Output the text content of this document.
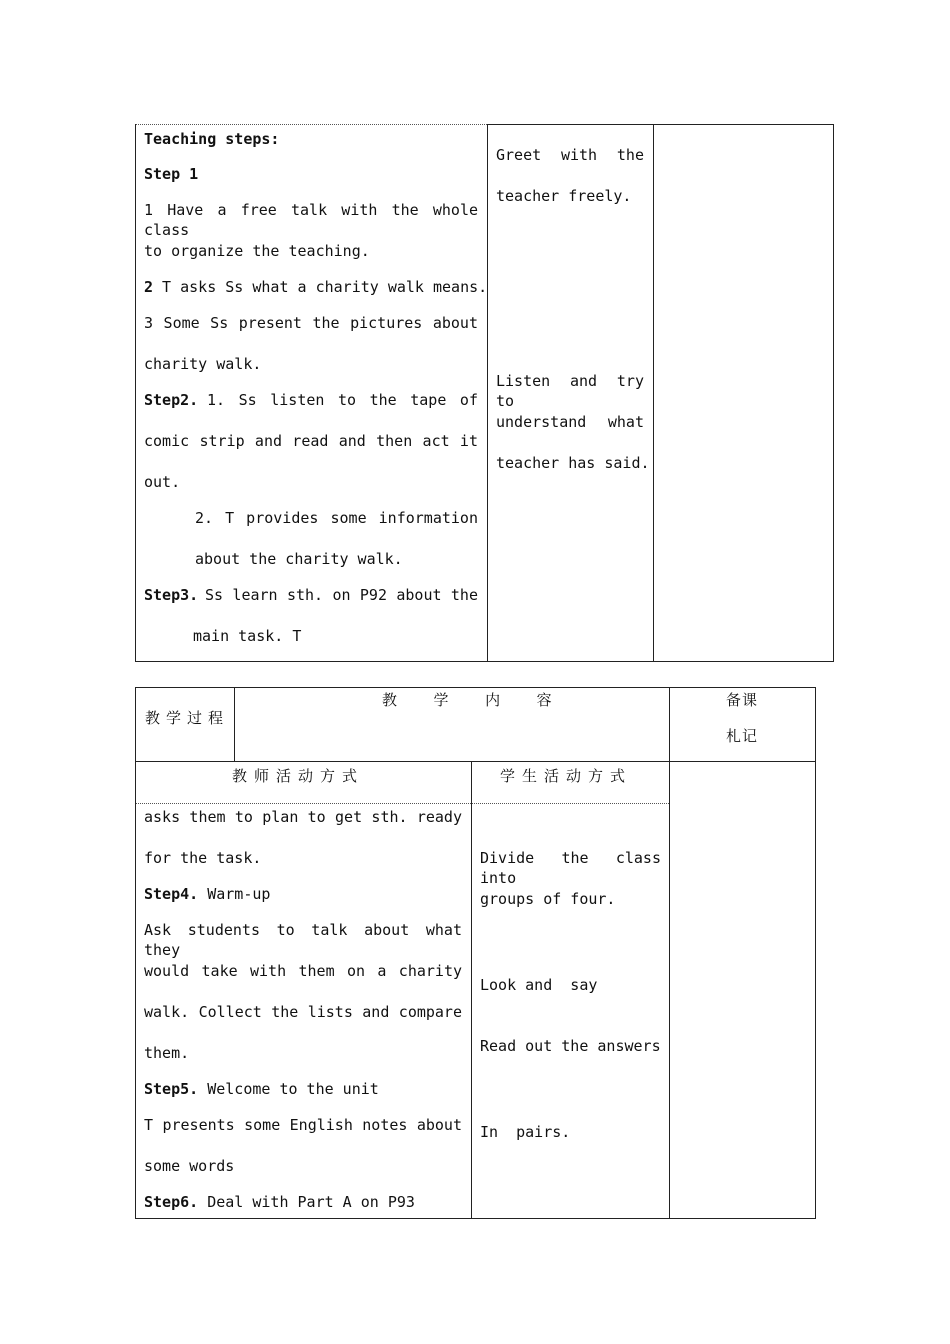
Teaching steps:
Step 1
1 Have a free talk with the whole class
to organize the teaching.
2 T asks Ss what a charity walk means.
3 Some Ss present the pictures about
charity walk.
Step2. 1. Ss listen to the tape of
comic strip and read and then act it
out.
2. T provides some information
about the charity walk.
Step3. Ss learn sth. on P92 about the
main task. T
Greet with the
teacher freely.
Listen and try to
understand what
teacher has said.
教学过程
教  学  内  容	备课
札记
教师活动方式	学生活动方式
asks them to plan to get sth. ready
for the task.
Step4. Warm-up
Ask students to talk about what they
would take with them on a charity
walk. Collect the lists and compare
them.
Step5. Welcome to the unit
T presents some English notes about
some words
Step6. Deal with Part A on P93
Divide the class into
groups of four.
Look and  say
Read out the answers
In  pairs.
